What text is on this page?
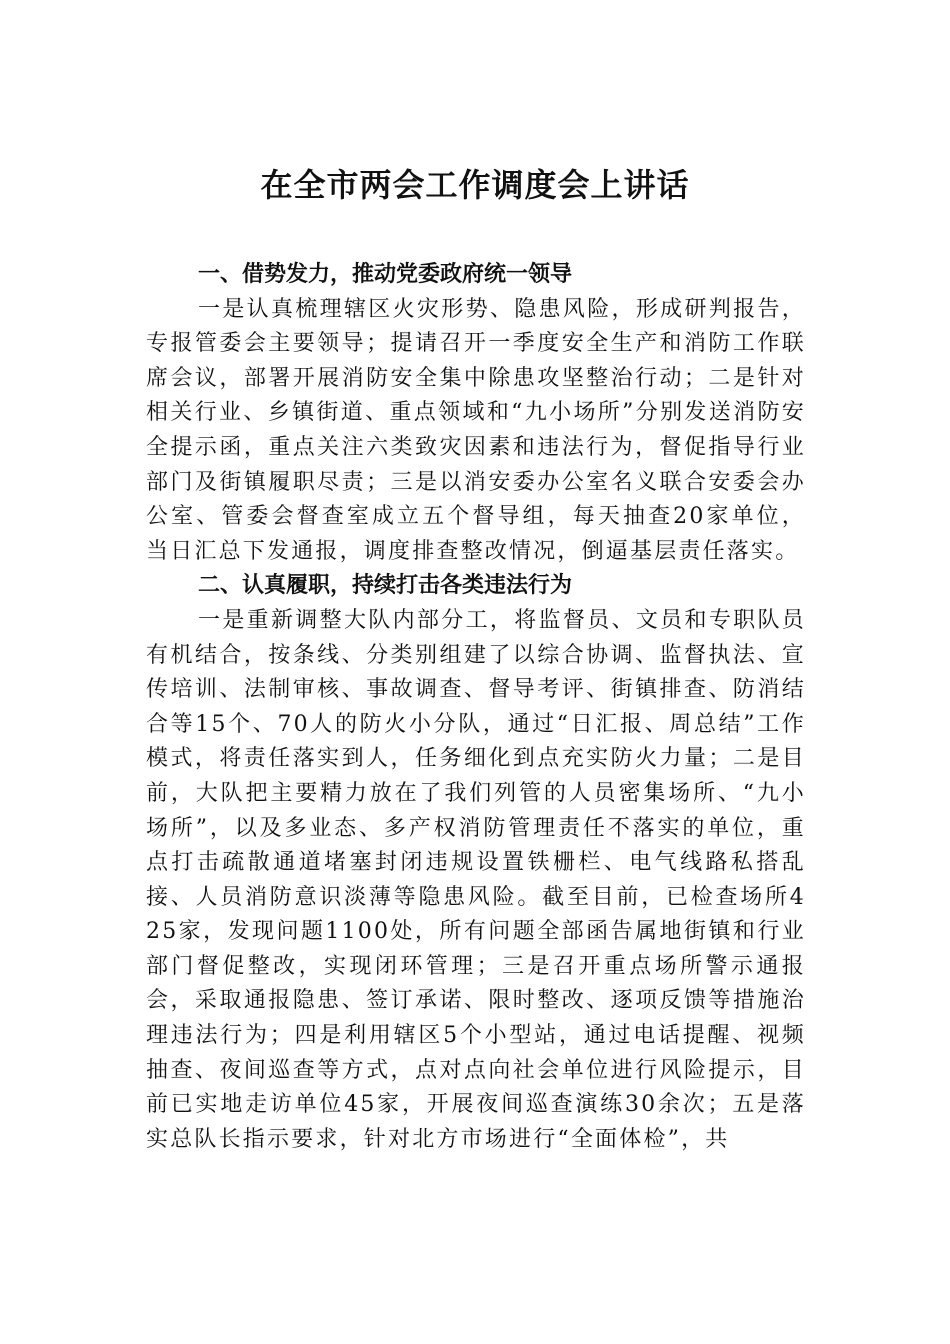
在全市两会工作调度会上讲话

一、借势发力，推动党委政府统一领导

一是认真梳理辖区火灾形势、隐患风险，形成研判报告，专报管委会主要领导；提请召开一季度安全生产和消防工作联席会议，部署开展消防安全集中除患攻坚整治行动；二是针对相关行业、乡镇街道、重点领域和“九小场所”分别发送消防安全提示函，重点关注六类致灾因素和违法行为，督促指导行业部门及街镇履职尽责；三是以消安委办公室名义联合安委会办公室、管委会督查室成立五个督导组，每天抽查20家单位，当日汇总下发通报，调度排查整改情况，倒逼基层责任落实。

二、认真履职，持续打击各类违法行为

一是重新调整大队内部分工，将监督员、文员和专职队员有机结合，按条线、分类别组建了以综合协调、监督执法、宣传培训、法制审核、事故调查、督导考评、街镇排查、防消结合等15个、70人的防火小分队，通过“日汇报、周总结”工作模式，将责任落实到人，任务细化到点充实防火力量；二是目前，大队把主要精力放在了我们列管的人员密集场所、“九小场所”，以及多业态、多产权消防管理责任不落实的单位，重点打击疏散通道堵塞封闭违规设置铁栅栏、电气线路私搭乱接、人员消防意识淡薄等隐患风险。截至目前，已检查场所425家，发现问题1100处，所有问题全部函告属地街镇和行业部门督促整改，实现闭环管理；三是召开重点场所警示通报会，采取通报隐患、签订承诺、限时整改、逐项反馈等措施治理违法行为；四是利用辖区5个小型站，通过电话提醒、视频抽查、夜间巡查等方式，点对点向社会单位进行风险提示，目前已实地走访单位45家，开展夜间巡查演练30余次；五是落实总队长指示要求，针对北方市场进行“全面体检”，共
